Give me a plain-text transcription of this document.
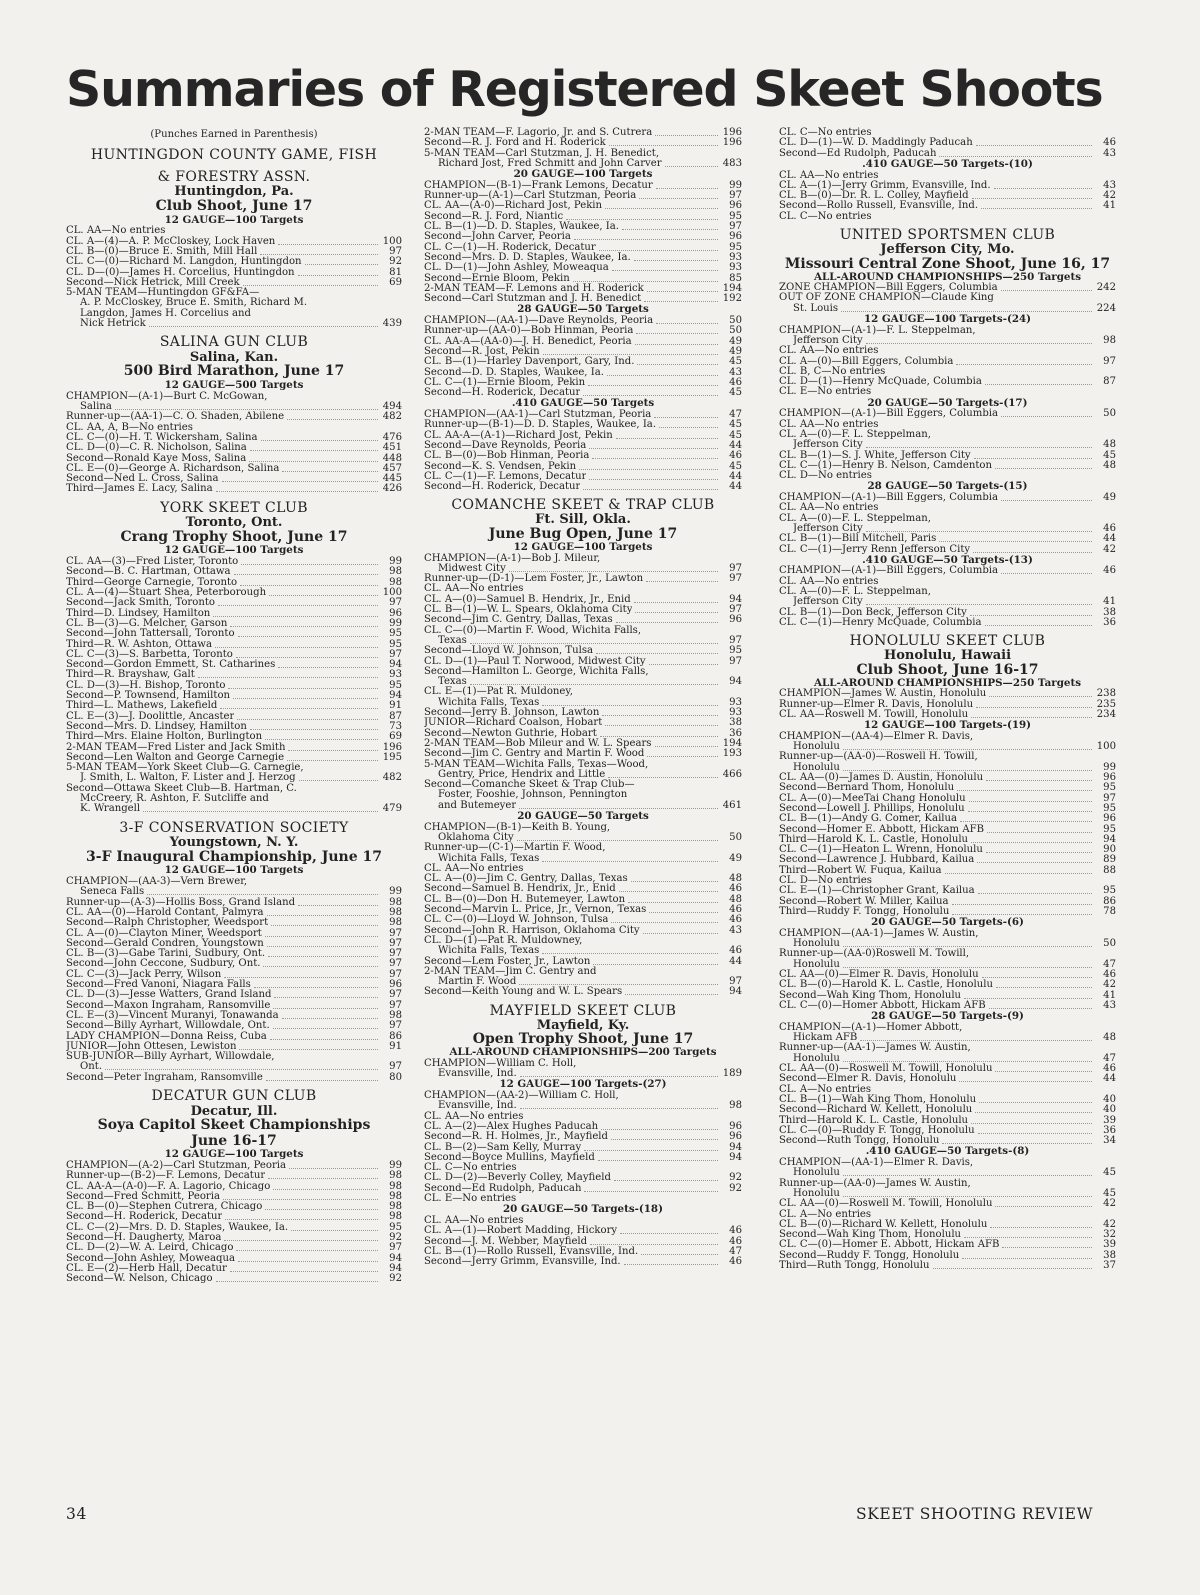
Summaries of Registered Skeet Shoots
(Punches Earned in Parenthesis)
HUNTINGDON COUNTY GAME, FISH
& FORESTRY ASSN.
Huntingdon, Pa.
Club Shoot, June 17
12 GAUGE—100 Targets
CL. AA—No entries
CL. A—(4)—A. P. McCloskey, Lock Haven	100
CL. B—(0)—Bruce E. Smith, Mill Hall	97
CL. C—(0)—Richard M. Langdon, Huntingdon	92
CL. D—(0)—James H. Corcelius, Huntingdon	81
Second—Nick Hetrick, Mill Creek	69
5-MAN TEAM—Huntingdon GF&FA—
A. P. McCloskey, Bruce E. Smith, Richard M.
Langdon, James H. Corcelius and
Nick Hetrick	439
SALINA GUN CLUB
Salina, Kan.
500 Bird Marathon, June 17
12 GAUGE—500 Targets
CHAMPION—(A-1)—Burt C. McGowan,
Salina	494
Runner-up—(AA-1)—C. O. Shaden, Abilene	482
CL. AA, A, B—No entries
CL. C—(0)—H. T. Wickersham, Salina	476
CL. D—(0)—C. R. Nicholson, Salina	451
Second—Ronald Kaye Moss, Salina	448
CL. E—(0)—George A. Richardson, Salina	457
Second—Ned L. Cross, Salina	445
Third—James E. Lacy, Salina	426
YORK SKEET CLUB
Toronto, Ont.
Crang Trophy Shoot, June 17
12 GAUGE—100 Targets
CL. AA—(3)—Fred Lister, Toronto	99
Second—B. C. Hartman, Ottawa	98
Third—George Carnegie, Toronto	98
CL. A—(4)—Stuart Shea, Peterborough	100
Second—Jack Smith, Toronto	97
Third—D. Lindsey, Hamilton	96
CL. B—(3)—G. Melcher, Garson	99
Second—John Tattersall, Toronto	95
Third—R. W. Ashton, Ottawa	95
CL. C—(3)—S. Barbetta, Toronto	97
Second—Gordon Emmett, St. Catharines	94
Third—R. Brayshaw, Galt	93
CL. D—(3)—H. Bishop, Toronto	95
Second—P. Townsend, Hamilton	94
Third—L. Mathews, Lakefield	91
CL. E—(3)—J. Doolittle, Ancaster	87
Second—Mrs. D. Lindsey, Hamilton	73
Third—Mrs. Elaine Holton, Burlington	69
2-MAN TEAM—Fred Lister and Jack Smith	196
Second—Len Walton and George Carnegie	195
5-MAN TEAM—York Skeet Club—G. Carnegie,
J. Smith, L. Walton, F. Lister and J. Herzog	482
Second—Ottawa Skeet Club—B. Hartman, C.
McCreery, R. Ashton, F. Sutcliffe and
K. Wrangell	479
3-F CONSERVATION SOCIETY
Youngstown, N. Y.
3-F Inaugural Championship, June 17
12 GAUGE—100 Targets
CHAMPION—(AA-3)—Vern Brewer,
Seneca Falls	99
Runner-up—(A-3)—Hollis Boss, Grand Island	98
CL. AA—(0)—Harold Contant, Palmyra	98
Second—Ralph Christopher, Weedsport	98
CL. A—(0)—Clayton Miner, Weedsport	97
Second—Gerald Condren, Youngstown	97
CL. B—(3)—Gabe Tarini, Sudbury, Ont.	97
Second—John Ceccone, Sudbury, Ont.	97
CL. C—(3)—Jack Perry, Wilson	97
Second—Fred Vanoni, Niagara Falls	96
CL. D—(3)—Jesse Watters, Grand Island	97
Second—Maxon Ingraham, Ransomville	97
CL. E—(3)—Vincent Muranyi, Tonawanda	98
Second—Billy Ayrhart, Willowdale, Ont.	97
LADY CHAMPION—Donna Reiss, Cuba	86
JUNIOR—John Ottesen, Lewiston	91
SUB-JUNIOR—Billy Ayrhart, Willowdale,
Ont.	97
Second—Peter Ingraham, Ransomville	80
DECATUR GUN CLUB
Decatur, Ill.
Soya Capitol Skeet Championships
June 16-17
12 GAUGE—100 Targets
CHAMPION—(A-2)—Carl Stutzman, Peoria	99
Runner-up—(B-2)—F. Lemons, Decatur	98
CL. AA-A—(A-0)—F. A. Lagorio, Chicago	98
Second—Fred Schmitt, Peoria	98
CL. B—(0)—Stephen Cutrera, Chicago	98
Second—H. Roderick, Decatur	98
CL. C—(2)—Mrs. D. D. Staples, Waukee, Ia.	95
Second—H. Daugherty, Maroa	92
CL. D—(2)—W. A. Leird, Chicago	97
Second—John Ashley, Moweaqua	94
CL. E—(2)—Herb Hall, Decatur	94
Second—W. Nelson, Chicago	92
2-MAN TEAM—F. Lagorio, Jr. and S. Cutrera	196
Second—R. J. Ford and H. Roderick	196
5-MAN TEAM—Carl Stutzman, J. H. Benedict,
Richard Jost, Fred Schmitt and John Carver	483
20 GAUGE—100 Targets
CHAMPION—(B-1)—Frank Lemons, Decatur	99
Runner-up—(A-1)—Carl Stutzman, Peoria	97
CL. AA—(A-0)—Richard Jost, Pekin	96
Second—R. J. Ford, Niantic	95
CL. B—(1)—D. D. Staples, Waukee, Ia.	97
Second—John Carver, Peoria	96
CL. C—(1)—H. Roderick, Decatur	95
Second—Mrs. D. D. Staples, Waukee, Ia.	93
CL. D—(1)—John Ashley, Moweaqua	93
Second—Ernie Bloom, Pekin	85
2-MAN TEAM—F. Lemons and H. Roderick	194
Second—Carl Stutzman and J. H. Benedict	192
28 GAUGE—50 Targets
CHAMPION—(AA-1)—Dave Reynolds, Peoria	50
Runner-up—(AA-0)—Bob Hinman, Peoria	50
CL. AA-A—(AA-0)—J. H. Benedict, Peoria	49
Second—R. Jost, Pekin	49
CL. B—(1)—Harley Davenport, Gary, Ind.	45
Second—D. D. Staples, Waukee, Ia.	43
CL. C—(1)—Ernie Bloom, Pekin	46
Second—H. Roderick, Decatur	45
.410 GAUGE—50 Targets
CHAMPION—(AA-1)—Carl Stutzman, Peoria	47
Runner-up—(B-1)—D. D. Staples, Waukee, Ia.	45
CL. AA-A—(A-1)—Richard Jost, Pekin	45
Second—Dave Reynolds, Peoria	44
CL. B—(0)—Bob Hinman, Peoria	46
Second—K. S. Vendsen, Pekin	45
CL. C—(1)—F. Lemons, Decatur	44
Second—H. Roderick, Decatur	44
COMANCHE SKEET & TRAP CLUB
Ft. Sill, Okla.
June Bug Open, June 17
12 GAUGE—100 Targets
CHAMPION—(A-1)—Bob J. Mileur,
Midwest City	97
Runner-up—(D-1)—Lem Foster, Jr., Lawton	97
CL. AA—No entries
CL. A—(0)—Samuel B. Hendrix, Jr., Enid	94
CL. B—(1)—W. L. Spears, Oklahoma City	97
Second—Jim C. Gentry, Dallas, Texas	96
CL. C—(0)—Martin F. Wood, Wichita Falls,
Texas	97
Second—Lloyd W. Johnson, Tulsa	95
CL. D—(1)—Paul T. Norwood, Midwest City	97
Second—Hamilton L. George, Wichita Falls,
Texas	94
CL. E—(1)—Pat R. Muldoney,
Wichita Falls, Texas	93
Second—Jerry B. Johnson, Lawton	93
JUNIOR—Richard Coalson, Hobart	38
Second—Newton Guthrie, Hobart	36
2-MAN TEAM—Bob Mileur and W. L. Spears	194
Second—Jim C. Gentry and Martin F. Wood	193
5-MAN TEAM—Wichita Falls, Texas—Wood,
Gentry, Price, Hendrix and Little	466
Second—Comanche Skeet & Trap Club—
Foster, Fooshie, Johnson, Pennington
and Butemeyer	461
20 GAUGE—50 Targets
CHAMPION—(B-1)—Keith B. Young,
Oklahoma City	50
Runner-up—(C-1)—Martin F. Wood,
Wichita Falls, Texas	49
CL. AA—No entries
CL. A—(0)—Jim C. Gentry, Dallas, Texas	48
Second—Samuel B. Hendrix, Jr., Enid	46
CL. B—(0)—Don H. Butemeyer, Lawton	48
Second—Marvin L. Price, Jr., Vernon, Texas	46
CL. C—(0)—Lloyd W. Johnson, Tulsa	46
Second—John R. Harrison, Oklahoma City	43
CL. D—(1)—Pat R. Muldowney,
Wichita Falls, Texas	46
Second—Lem Foster, Jr., Lawton	44
2-MAN TEAM—Jim C. Gentry and
Martin F. Wood	97
Second—Keith Young and W. L. Spears	94
MAYFIELD SKEET CLUB
Mayfield, Ky.
Open Trophy Shoot, June 17
ALL-AROUND CHAMPIONSHIPS—200 Targets
CHAMPION—William C. Holl,
Evansville, Ind.	189
12 GAUGE—100 Targets-(27)
CHAMPION—(AA-2)—William C. Holl,
Evansville, Ind.	98
CL. AA—No entries
CL. A—(2)—Alex Hughes Paducah	96
Second—R. H. Holmes, Jr., Mayfield	96
CL. B—(2)—Sam Kelly, Murray	94
Second—Boyce Mullins, Mayfield	94
CL. C—No entries
CL. D—(2)—Beverly Colley, Mayfield	92
Second—Ed Rudolph, Paducah	92
CL. E—No entries
20 GAUGE—50 Targets-(18)
CL. AA—No entries
CL. A—(1)—Robert Madding, Hickory	46
Second—J. M. Webber, Mayfield	46
CL. B—(1)—Rollo Russell, Evansville, Ind.	47
Second—Jerry Grimm, Evansville, Ind.	46
CL. C—No entries
CL. D—(1)—W. D. Maddingly Paducah	46
Second—Ed Rudolph, Paducah	43
.410 GAUGE—50 Targets-(10)
CL. AA—No entries
CL. A—(1)—Jerry Grimm, Evansville, Ind.	43
CL. B—(0)—Dr. R. L. Colley, Mayfield	42
Second—Rollo Russell, Evansville, Ind.	41
CL. C—No entries
UNITED SPORTSMEN CLUB
Jefferson City, Mo.
Missouri Central Zone Shoot, June 16, 17
ALL-AROUND CHAMPIONSHIPS—250 Targets
ZONE CHAMPION—Bill Eggers, Columbia	242
OUT OF ZONE CHAMPION—Claude King
St. Louis	224
12 GAUGE—100 Targets-(24)
CHAMPION—(A-1)—F. L. Steppelman,
Jefferson City	98
CL. AA—No entries
CL. A—(0)—Bill Eggers, Columbia	97
CL. B, C—No entries
CL. D—(1)—Henry McQuade, Columbia	87
CL. E—No entries
20 GAUGE—50 Targets-(17)
CHAMPION—(A-1)—Bill Eggers, Columbia	50
CL. AA—No entries
CL. A—(0)—F. L. Steppelman,
Jefferson City	48
CL. B—(1)—S. J. White, Jefferson City	45
CL. C—(1)—Henry B. Nelson, Camdenton	48
CL. D—No entries
28 GAUGE—50 Targets-(15)
CHAMPION—(A-1)—Bill Eggers, Columbia	49
CL. AA—No entries
CL. A—(0)—F. L. Steppelman,
Jefferson City	46
CL. B—(1)—Bill Mitchell, Paris	44
CL. C—(1)—Jerry Renn Jefferson City	42
.410 GAUGE—50 Targets-(13)
CHAMPION—(A-1)—Bill Eggers, Columbia	46
CL. AA—No entries
CL. A—(0)—F. L. Steppelman,
Jefferson City	41
CL. B—(1)—Don Beck, Jefferson City	38
CL. C—(1)—Henry McQuade, Columbia	36
HONOLULU SKEET CLUB
Honolulu, Hawaii
Club Shoot, June 16-17
ALL-AROUND CHAMPIONSHIPS—250 Targets
CHAMPION—James W. Austin, Honolulu	238
Runner-up—Elmer R. Davis, Honolulu	235
CL. AA—Roswell M. Towill, Honolulu	234
12 GAUGE—100 Targets-(19)
CHAMPION—(AA-4)—Elmer R. Davis,
Honolulu	100
Runner-up—(AA-0)—Roswell H. Towill,
Honolulu	99
CL. AA—(0)—James D. Austin, Honolulu	96
Second—Bernard Thom, Honolulu	95
CL. A—(0)—MeeTai Chang Honolulu	97
Second—Lowell J. Phillips, Honolulu	95
CL. B—(1)—Andy G. Comer, Kailua	96
Second—Homer E. Abbott, Hickam AFB	95
Third—Harold K. L. Castle, Honolulu	94
CL. C—(1)—Heaton L. Wrenn, Honolulu	90
Second—Lawrence J. Hubbard, Kailua	89
Third—Robert W. Fuqua, Kailua	88
CL. D—No entries
CL. E—(1)—Christopher Grant, Kailua	95
Second—Robert W. Miller, Kailua	86
Third—Ruddy F. Tongg, Honolulu	78
20 GAUGE—50 Targets-(6)
CHAMPION—(AA-1)—James W. Austin,
Honolulu	50
Runner-up—(AA-0)Roswell M. Towill,
Honolulu	47
CL. AA—(0)—Elmer R. Davis, Honolulu	46
CL. B—(0)—Harold K. L. Castle, Honolulu	42
Second—Wah King Thom, Honolulu	41
CL. C—(0)—Homer Abbott, Hickam AFB	43
28 GAUGE—50 Targets-(9)
CHAMPION—(A-1)—Homer Abbott,
Hickam AFB	48
Runner-up—(AA-1)—James W. Austin,
Honolulu	47
CL. AA—(0)—Roswell M. Towill, Honolulu	46
Second—Elmer R. Davis, Honolulu	44
CL. A—No entries
CL. B—(1)—Wah King Thom, Honolulu	40
Second—Richard W. Kellett, Honolulu	40
Third—Harold K. L. Castle, Honolulu	39
CL. C—(0)—Ruddy F. Tongg, Honolulu	36
Second—Ruth Tongg, Honolulu	34
.410 GAUGE—50 Targets-(8)
CHAMPION—(AA-1)—Elmer R. Davis,
Honolulu	45
Runner-up—(AA-0)—James W. Austin,
Honolulu	45
CL. AA—(0)—Roswell M. Towill, Honolulu	42
CL. A—No entries
CL. B—(0)—Richard W. Kellett, Honolulu	42
Second—Wah King Thom, Honolulu	32
CL. C—(0)—Homer E. Abbott, Hickam AFB	39
Second—Ruddy F. Tongg, Honolulu	38
Third—Ruth Tongg, Honolulu	37
34	SKEET SHOOTING REVIEW
